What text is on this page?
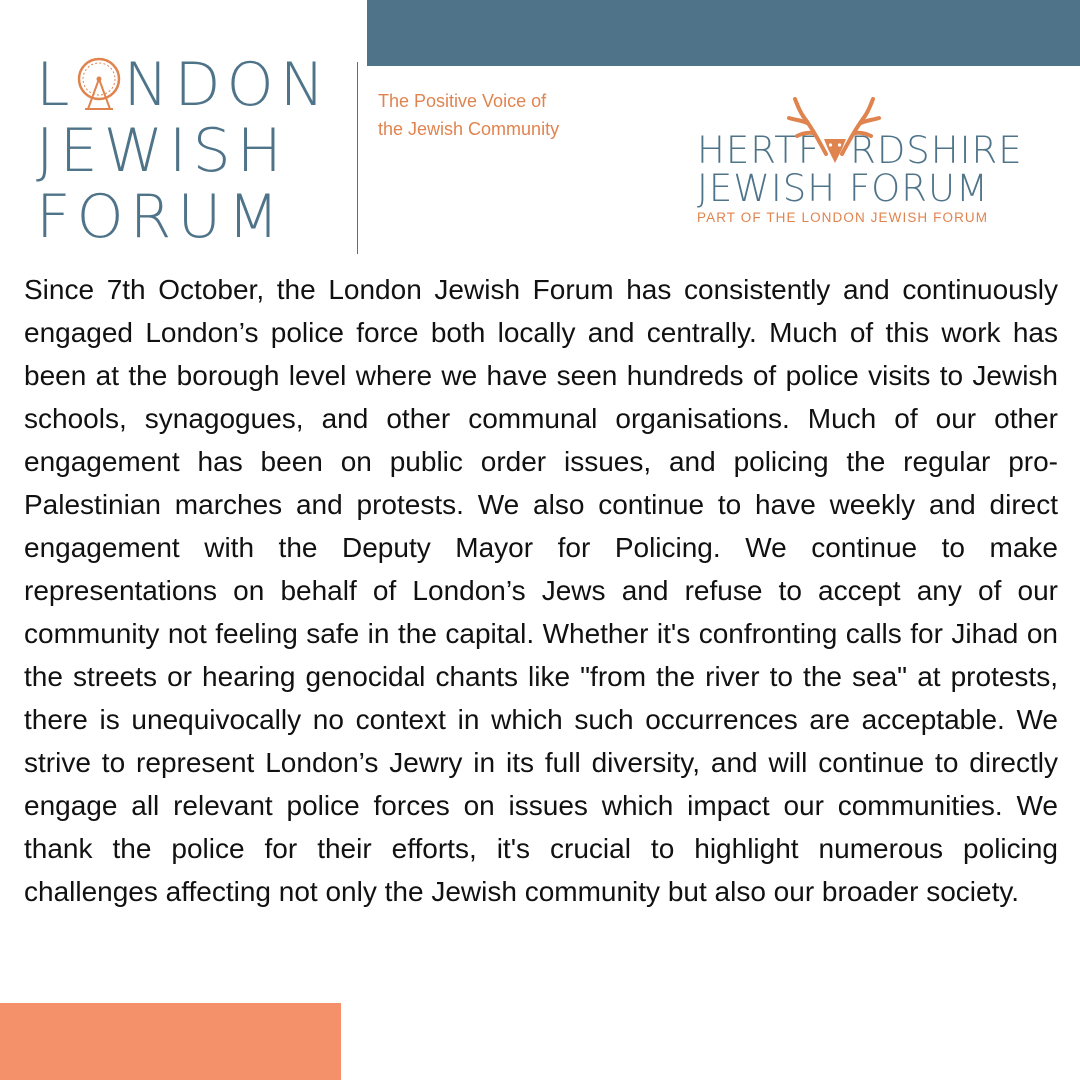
L NDON
JEWISH
FORUM
The Positive Voice of
the Jewish Community	HERTF RDSHIRE
JEWISH FORUM
PART OF THE LONDON JEWISH FORUM

Since 7th October, the London Jewish Forum has consistently and continuously engaged London’s police force both locally and centrally. Much of this work has been at the borough level where we have seen hundreds of police visits to Jewish schools, synagogues, and other communal organisations. Much of our other engagement has been on public order issues, and policing the regular pro-Palestinian marches and protests. We also continue to have weekly and direct engagement with the Deputy Mayor for Policing. We continue to make representations on behalf of London’s Jews and refuse to accept any of our community not feeling safe in the capital. Whether it's confronting calls for Jihad on the streets or hearing genocidal chants like "from the river to the sea" at protests, there is unequivocally no context in which such occurrences are acceptable. We strive to represent London’s Jewry in its full diversity, and will continue to directly engage all relevant police forces on issues which impact our communities. We thank the police for their efforts, it's crucial to highlight numerous policing challenges affecting not only the Jewish community but also our broader society.
